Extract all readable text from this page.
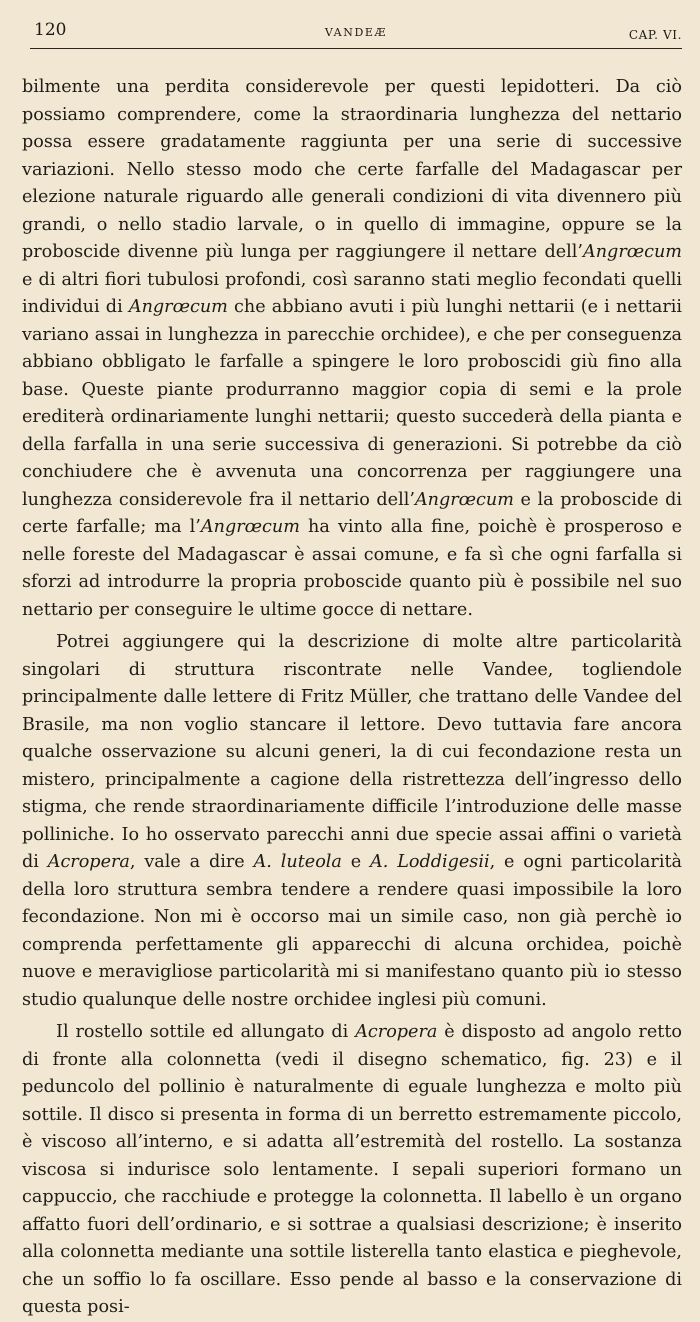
120	VANDEÆ	CAP. VI.

bilmente una perdita considerevole per questi lepidotteri. Da ciò possiamo comprendere, come la straordinaria lunghezza del nettario possa essere gradatamente raggiunta per una serie di successive variazioni. Nello stesso modo che certe farfalle del Madagascar per elezione naturale riguardo alle generali condizioni di vita divennero più grandi, o nello stadio larvale, o in quello di immagine, oppure se la proboscide divenne più lunga per raggiungere il nettare dell’Angrœcum e di altri fiori tubulosi profondi, così saranno stati meglio fecondati quelli individui di Angrœcum che abbiano avuti i più lunghi nettarii (e i nettarii variano assai in lunghezza in parecchie orchidee), e che per conseguenza abbiano obbligato le farfalle a spingere le loro proboscidi giù fino alla base. Queste piante produrranno maggior copia di semi e la prole erediterà ordinariamente lunghi nettarii; questo succederà della pianta e della farfalla in una serie successiva di generazioni. Si potrebbe da ciò conchiudere che è avvenuta una concorrenza per raggiungere una lunghezza considerevole fra il nettario dell’Angrœcum e la proboscide di certe farfalle; ma l’Angrœcum ha vinto alla fine, poichè è prosperoso e nelle foreste del Madagascar è assai comune, e fa sì che ogni farfalla si sforzi ad introdurre la propria proboscide quanto più è possibile nel suo nettario per conseguire le ultime gocce di nettare.

Potrei aggiungere qui la descrizione di molte altre particolarità singolari di struttura riscontrate nelle Vandee, togliendole principalmente dalle lettere di Fritz Müller, che trattano delle Vandee del Brasile, ma non voglio stancare il lettore. Devo tuttavia fare ancora qualche osservazione su alcuni generi, la di cui fecondazione resta un mistero, principalmente a cagione della ristrettezza dell’ingresso dello stigma, che rende straordinariamente difficile l’introduzione delle masse polliniche. Io ho osservato parecchi anni due specie assai affini o varietà di Acropera, vale a dire A. luteola e A. Loddigesii, e ogni particolarità della loro struttura sembra tendere a rendere quasi impossibile la loro fecondazione. Non mi è occorso mai un simile caso, non già perchè io comprenda perfettamente gli apparecchi di alcuna orchidea, poichè nuove e meravigliose particolarità mi si manifestano quanto più io stesso studio qualunque delle nostre orchidee inglesi più comuni.

Il rostello sottile ed allungato di Acropera è disposto ad angolo retto di fronte alla colonnetta (vedi il disegno schematico, fig. 23) e il peduncolo del pollinio è naturalmente di eguale lunghezza e molto più sottile. Il disco si presenta in forma di un berretto estremamente piccolo, è viscoso all’interno, e si adatta all’estremità del rostello. La sostanza viscosa si indurisce solo lentamente. I sepali superiori formano un cappuccio, che racchiude e protegge la colonnetta. Il labello è un organo affatto fuori dell’ordinario, e si sottrae a qualsiasi descrizione; è inserito alla colonnetta mediante una sottile listerella tanto elastica e pieghevole, che un soffio lo fa oscillare. Esso pende al basso e la conservazione di questa posi-
